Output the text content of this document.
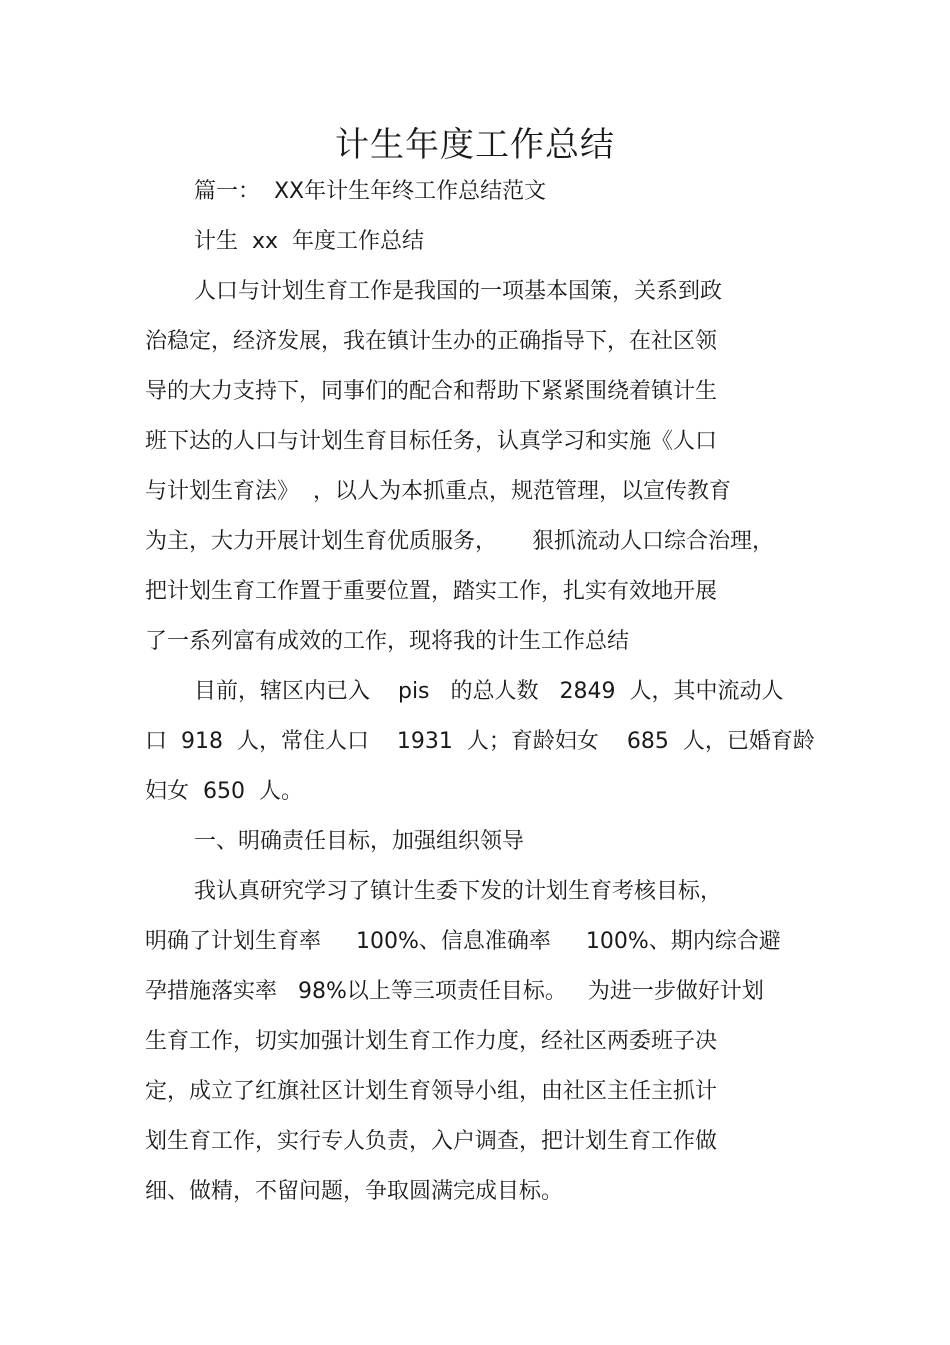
计生年度工作总结
篇一：  XX年计生年终工作总结范文
计生  xx  年度工作总结
人口与计划生育工作是我国的一项基本国策，关系到政
治稳定，经济发展，我在镇计生办的正确指导下，在社区领
导的大力支持下，同事们的配合和帮助下紧紧围绕着镇计生
班下达的人口与计划生育目标任务，认真学习和实施《人口
与计划生育法》  ，以人为本抓重点，规范管理，以宣传教育
为主，大力开展计划生育优质服务，     狠抓流动人口综合治理，
把计划生育工作置于重要位置，踏实工作，扎实有效地开展
了一系列富有成效的工作，现将我的计生工作总结
目前，辖区内已入    pis   的总人数   2849  人，其中流动人
口  918  人，常住人口    1931  人；育龄妇女    685  人，已婚育龄
妇女  650  人。
一、明确责任目标，加强组织领导
我认真研究学习了镇计生委下发的计划生育考核目标，
明确了计划生育率     100%、信息准确率     100%、期内综合避
孕措施落实率   98%以上等三项责任目标。   为进一步做好计划
生育工作，切实加强计划生育工作力度，经社区两委班子决
定，成立了红旗社区计划生育领导小组，由社区主任主抓计
划生育工作，实行专人负责，入户调查，把计划生育工作做
细、做精，不留问题，争取圆满完成目标。
